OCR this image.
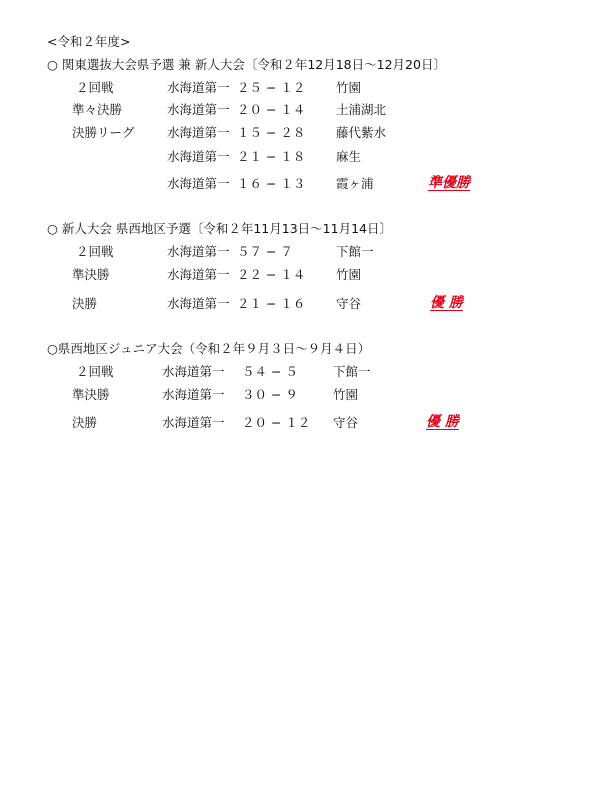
<令和２年度>
○ 関東選抜大会県予選 兼 新人大会〔令和２年12月18日〜12月20日〕
２回戦	水海道第一 ２５ − １２ 竹園
準々決勝	水海道第一 ２０ − １４ 土浦湖北
決勝リーグ	水海道第一 １５ − ２８ 藤代紫水
水海道第一 ２１ − １８ 麻生
水海道第一 １６ − １３ 霞ヶ浦	準優勝
○ 新人大会 県西地区予選〔令和２年11月13日〜11月14日〕
２回戦	水海道第一 ５７ − ７	下館一
準決勝	水海道第一 ２２ − １４ 竹園
決勝	水海道第一 ２１ − １６ 守谷	優 勝
○県西地区ジュニア大会（令和２年９月３日〜９月４日）
２回戦	水海道第一 ５４ − ５	下館一
準決勝	水海道第一 ３０ − ９	竹園
決勝	水海道第一 ２０ − １２ 守谷	優 勝
